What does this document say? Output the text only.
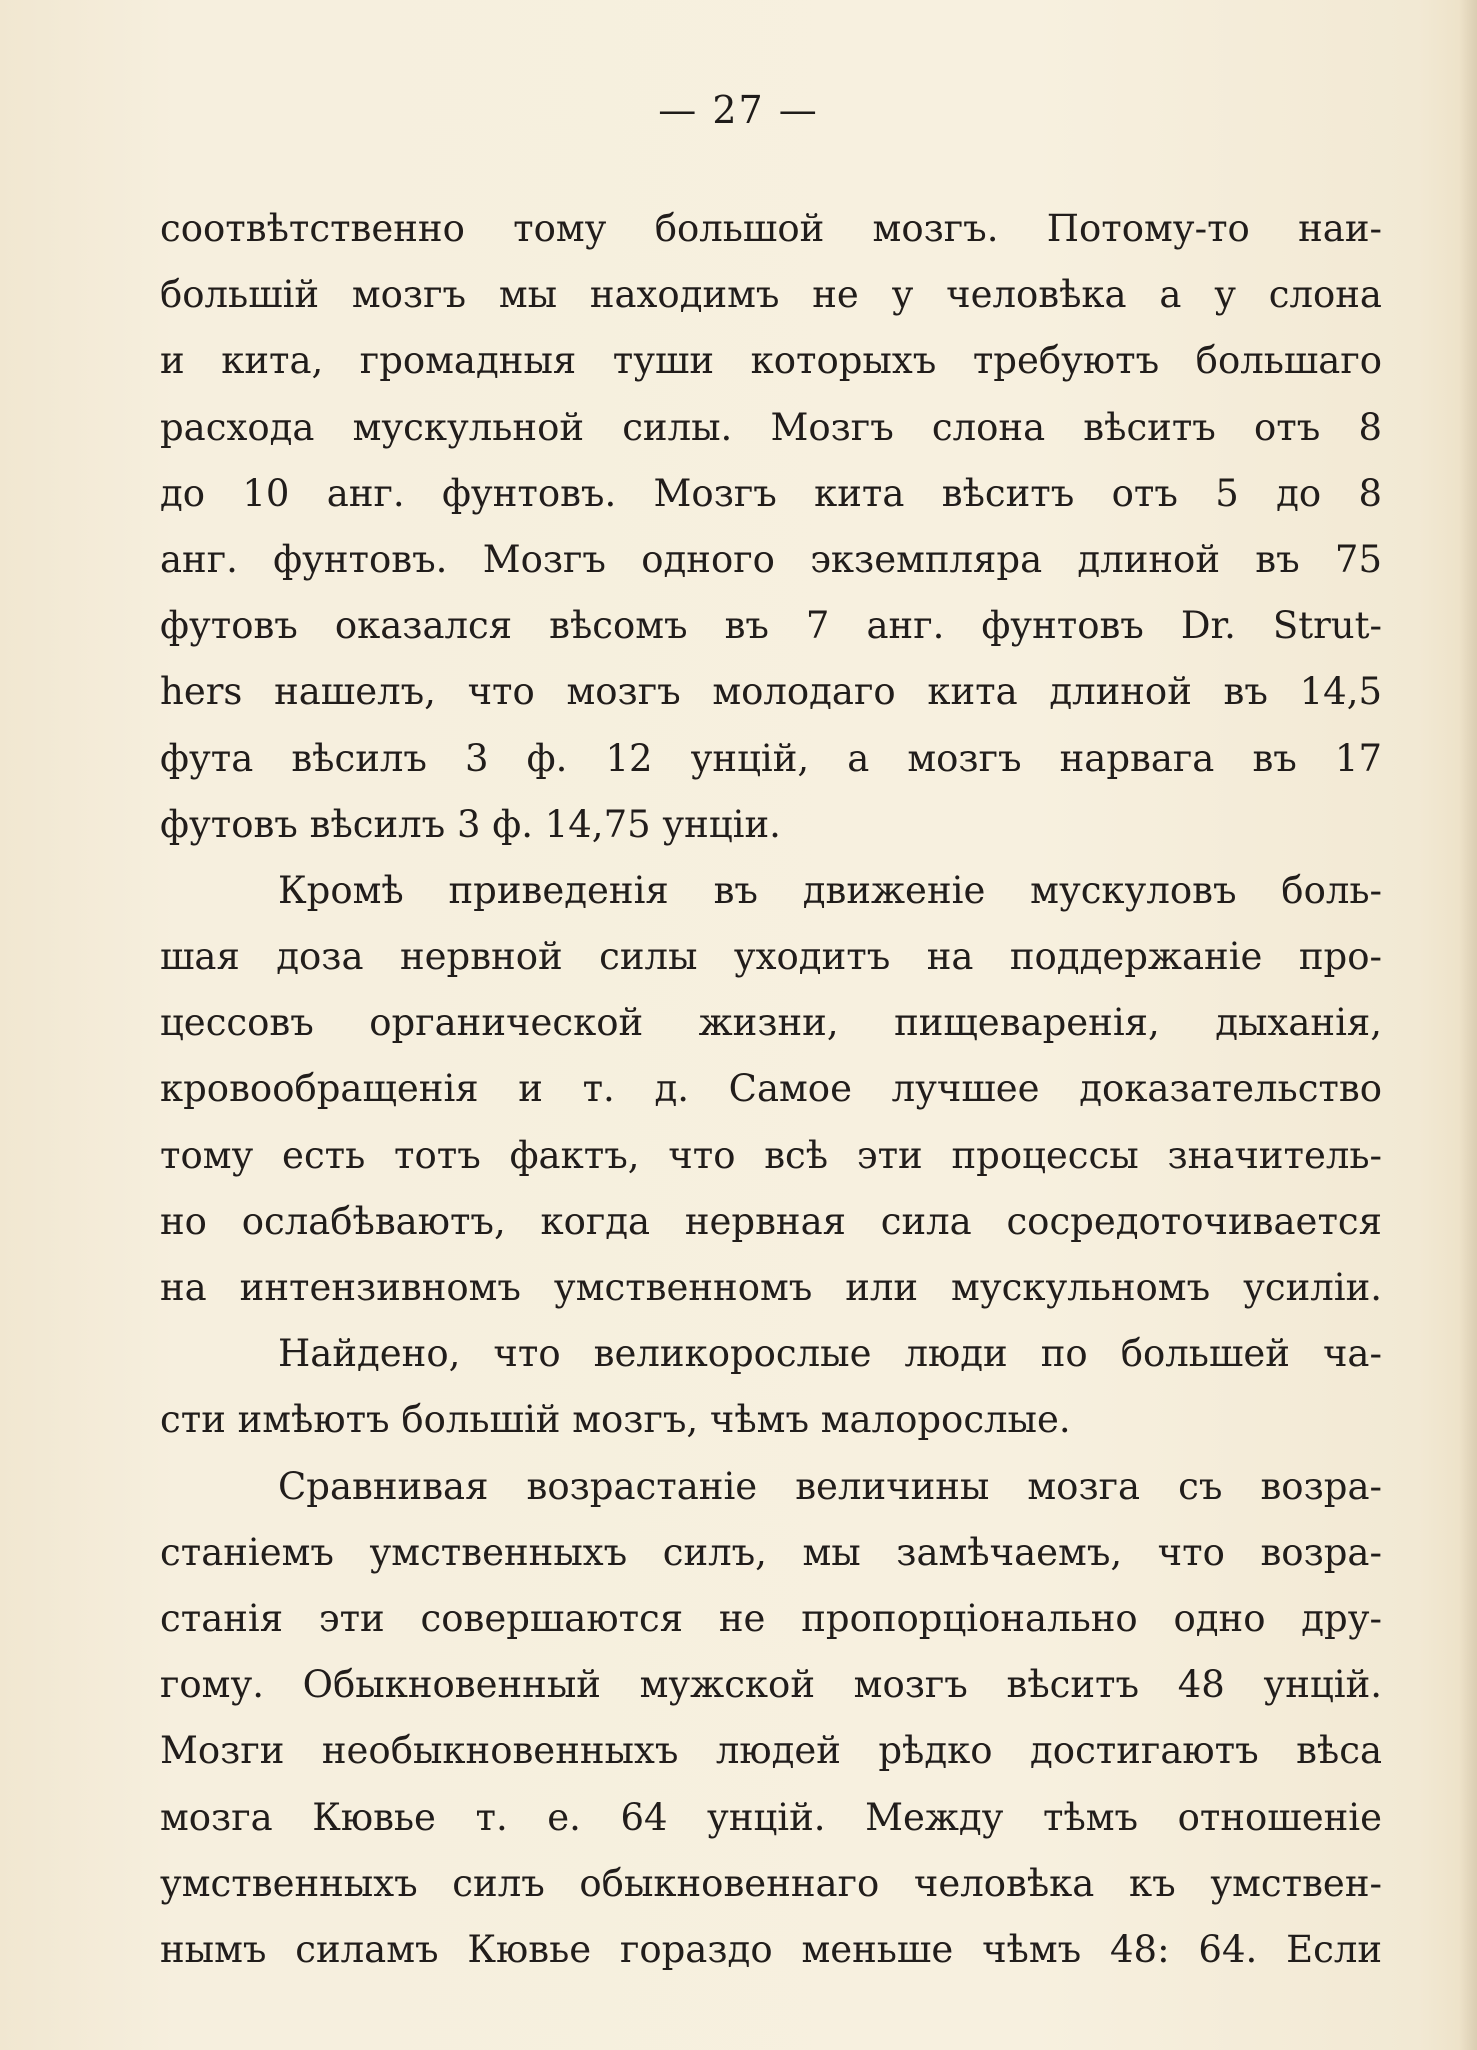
— 27 —
соотвѣтственно тому большой мозгъ. Потому-то наи-
большій мозгъ мы находимъ не у человѣка а у слона
и кита, громадныя туши которыхъ требуютъ большаго
расхода мускульной силы. Мозгъ слона вѣситъ отъ 8
до 10 анг. фунтовъ. Мозгъ кита вѣситъ отъ 5 до 8
анг. фунтовъ. Мозгъ одного экземпляра длиной въ 75
футовъ оказался вѣсомъ въ 7 анг. фунтовъ Dr. Strut-
hers нашелъ, что мозгъ молодаго кита длиной въ 14,5
фута вѣсилъ 3 ф. 12 унцій, а мозгъ нарвага въ 17
футовъ вѣсилъ 3 ф. 14,75 унціи.
Кромѣ приведенія въ движеніе мускуловъ боль-
шая доза нервной силы уходитъ на поддержаніе про-
цессовъ органической жизни, пищеваренія, дыханія,
кровообращенія и т. д. Самое лучшее доказательство
тому есть тотъ фактъ, что всѣ эти процессы значитель-
но ослабѣваютъ, когда нервная сила сосредоточивается
на интензивномъ умственномъ или мускульномъ усиліи.
Найдено, что великорослые люди по большей ча-
сти имѣютъ большій мозгъ, чѣмъ малорослые.
Сравнивая возрастаніе величины мозга съ возра-
станіемъ умственныхъ силъ, мы замѣчаемъ, что возра-
станія эти совершаются не пропорціонально одно дру-
гому. Обыкновенный мужской мозгъ вѣситъ 48 унцій.
Мозги необыкновенныхъ людей рѣдко достигаютъ вѣса
мозга Кювье т. е. 64 унцій. Между тѣмъ отношеніе
умственныхъ силъ обыкновеннаго человѣка къ умствен-
нымъ силамъ Кювье гораздо меньше чѣмъ 48: 64. Если
